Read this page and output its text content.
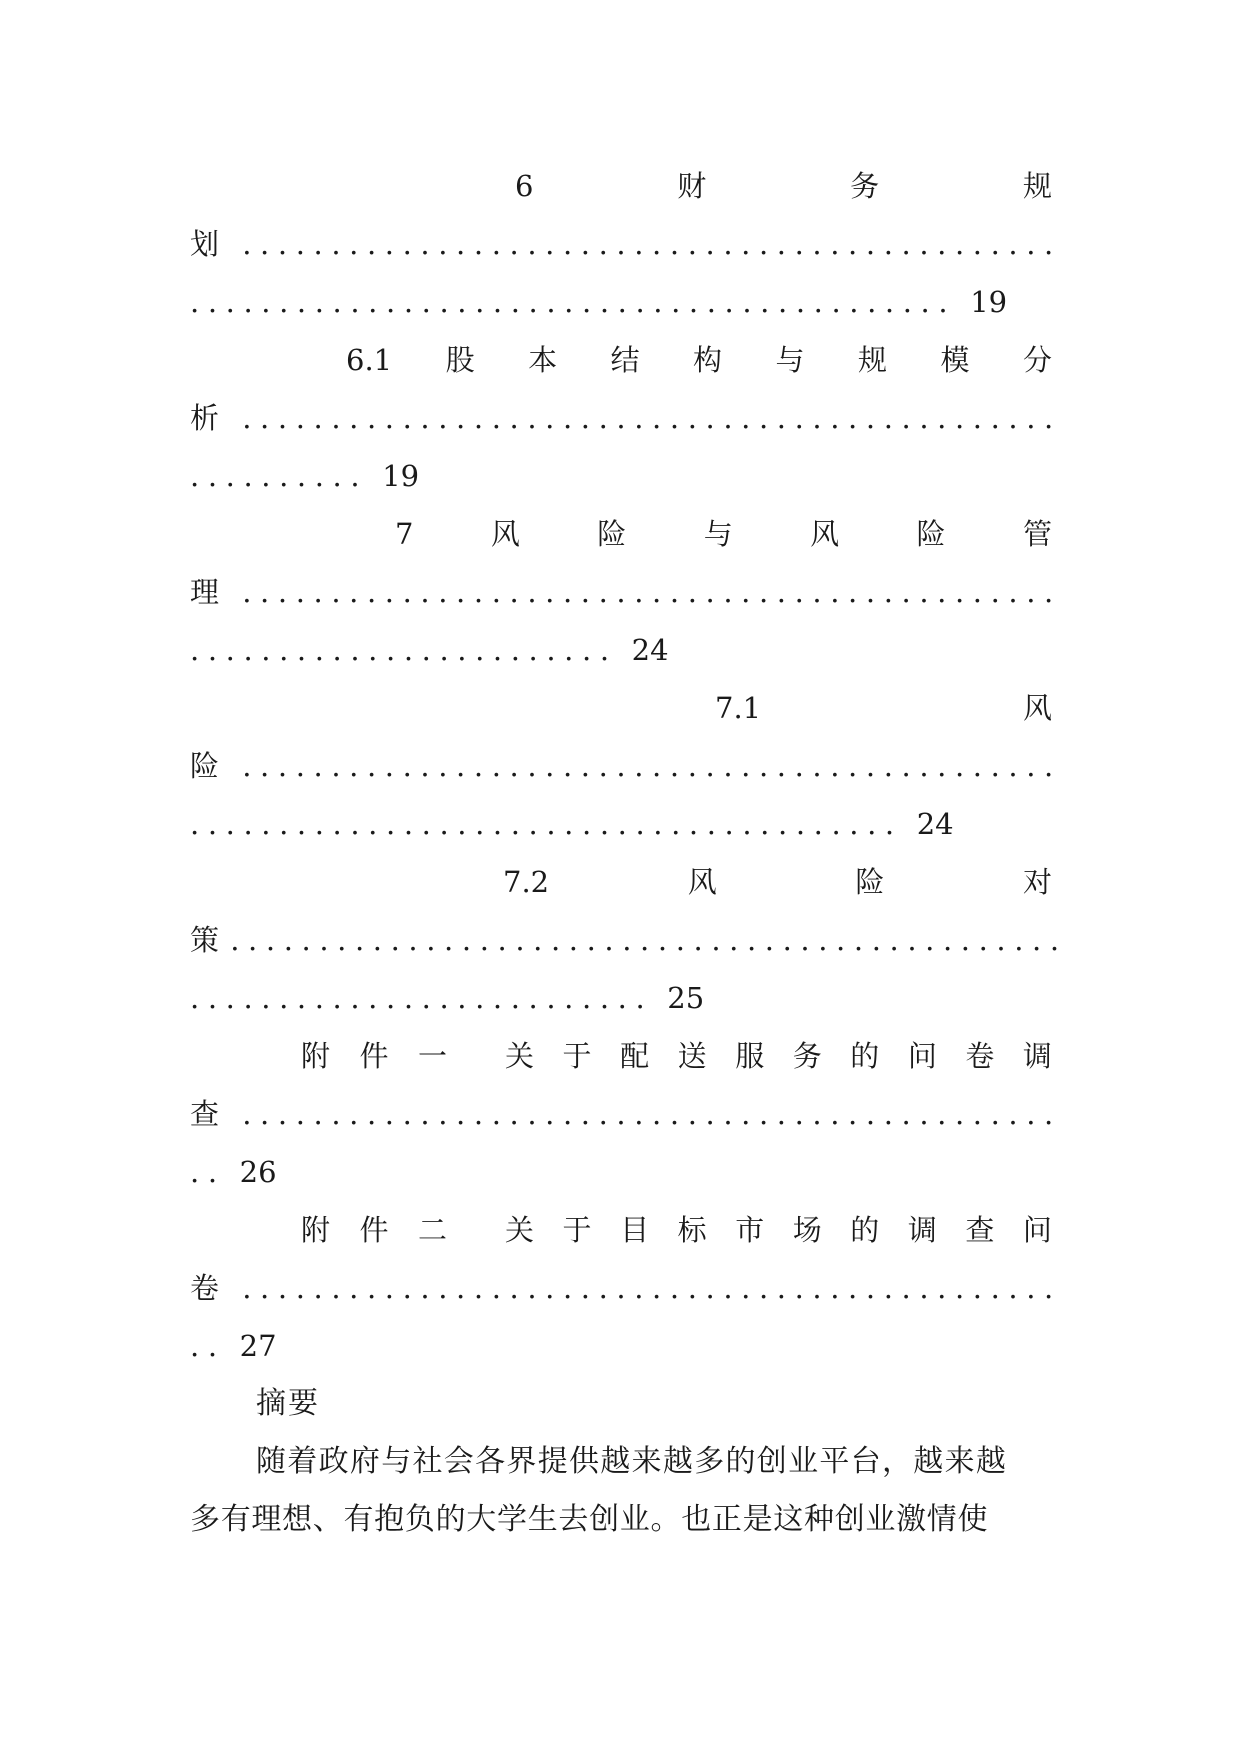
6	财	务	规
划 ..............................................
........................................... 19
6.1 股 本 结 构 与 规 模 分
析 ..............................................
.......... 19
7	风	险	与	风	险	管
理 ..............................................
........................ 24
7.1	风
险 ..............................................
........................................ 24
7.2	风	险	对
策 ...............................................
.......................... 25
附 件 一 关 于 配 送 服 务 的 问 卷 调
查 ..............................................
.. 26
附 件 二 关 于 目 标 市 场 的 调 查 问
卷 ..............................................
.. 27
摘要
随着政府与社会各界提供越来越多的创业平台，越来越
多有理想、有抱负的大学生去创业。也正是这种创业激情使
